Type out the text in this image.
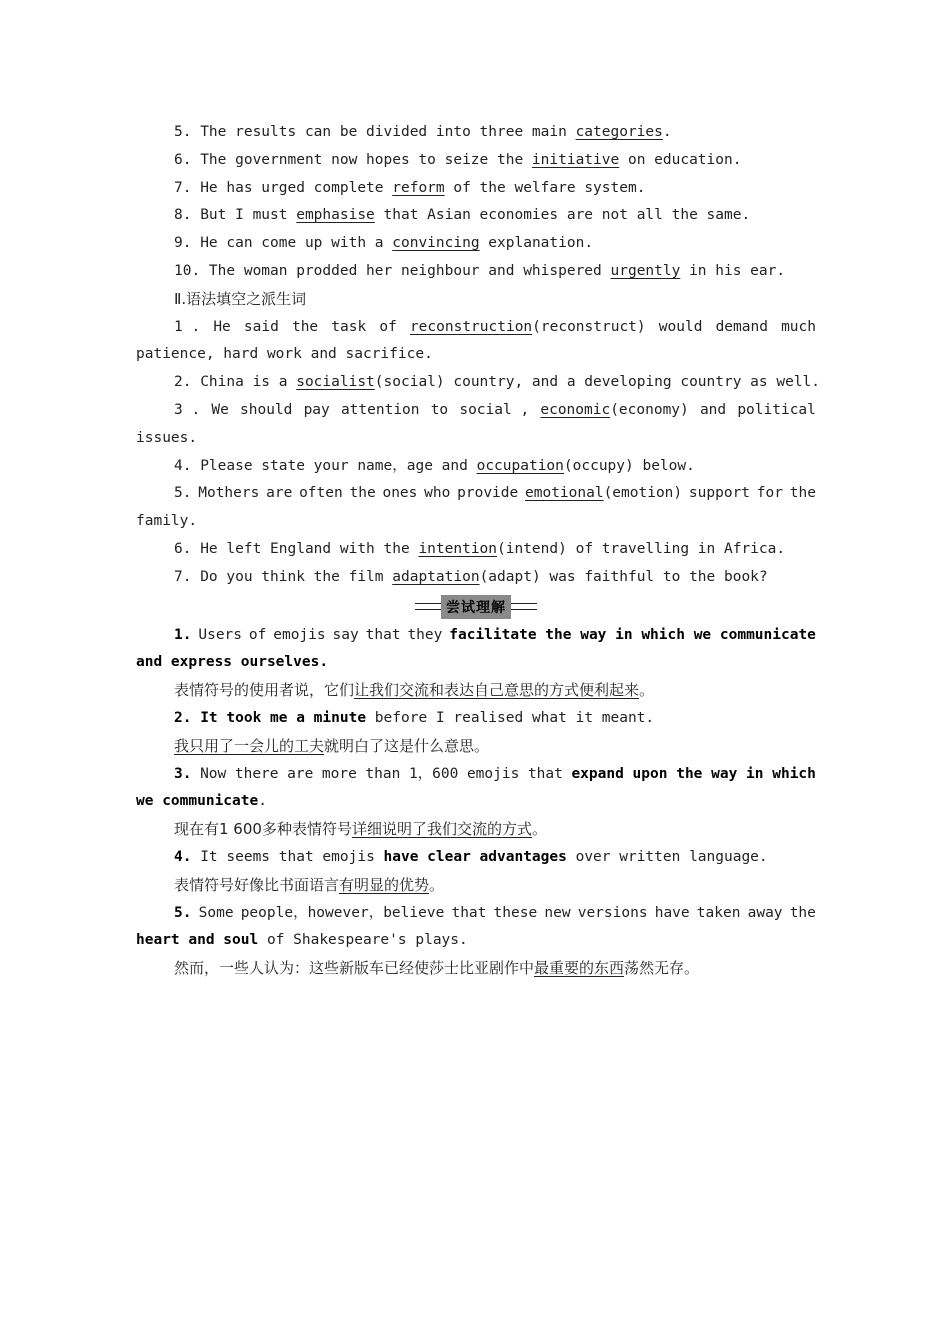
5. The results can be divided into three main categories.
6. The government now hopes to seize the initiative on education.
7. He has urged complete reform of the welfare system.
8. But I must emphasise that Asian economies are not all the same.
9. He can come up with a convincing explanation.
10. The woman prodded her neighbour and whispered urgently in his ear.
Ⅱ.语法填空之派生词
1 . He said the task of reconstruction(reconstruct) would demand much
patience, hard work and sacrifice.
2. China is a socialist(social) country, and a developing country as well.
3 . We should pay attention to social , economic(economy) and political
issues.
4. Please state your name，age and occupation(occupy) below.
5. Mothers are often the ones who provide emotional(emotion) support for the
family.
6. He left England with the intention(intend) of travelling in Africa.
7. Do you think the film adaptation(adapt) was faithful to the book?
尝试理解
1. Users of emojis say that they facilitate the way in which we communicate
and express ourselves.
表情符号的使用者说，它们让我们交流和表达自己意思的方式便利起来。
2. It took me a minute before I realised what it meant.
我只用了一会儿的工夫就明白了这是什么意思。
3. Now there are more than 1，600 emojis that expand upon the way in which
we communicate.
现在有1 600多种表情符号详细说明了我们交流的方式。
4. It seems that emojis have clear advantages over written language.
表情符号好像比书面语言有明显的优势。
5. Some people，however，believe that these new versions have taken away the
heart and soul of Shakespeare's plays.
然而，一些人认为：这些新版车已经使莎士比亚剧作中最重要的东西荡然无存。
